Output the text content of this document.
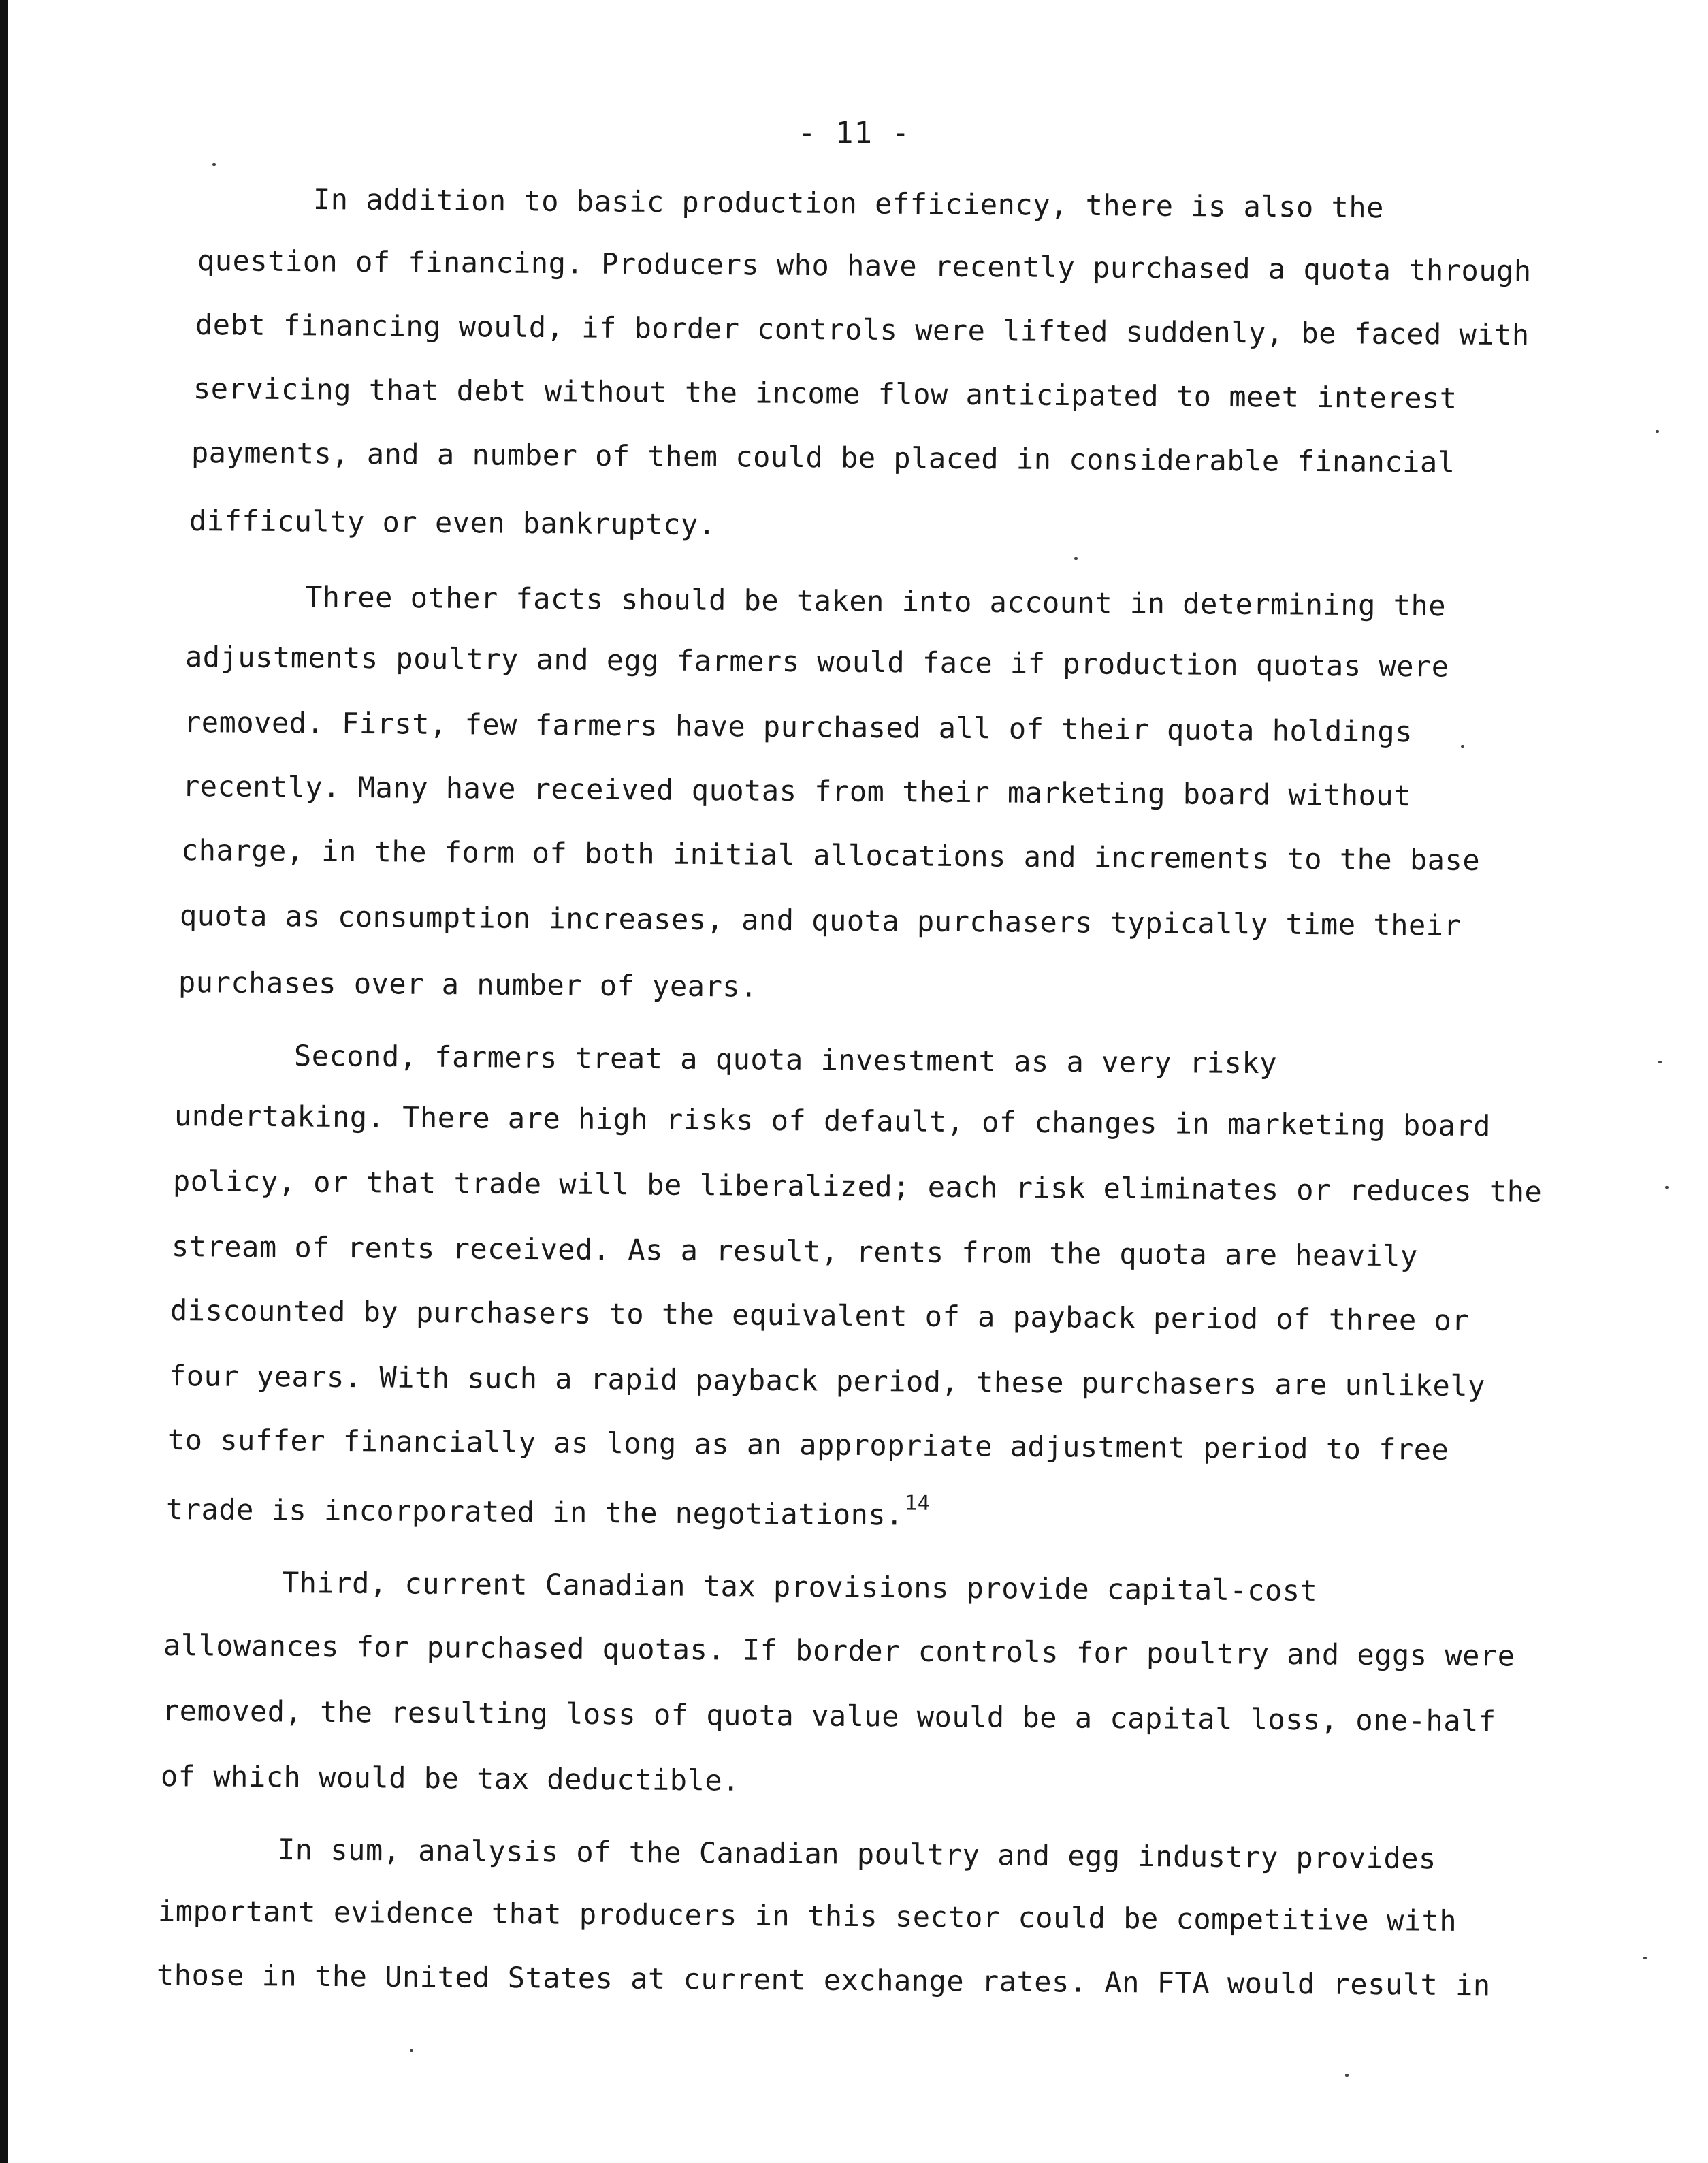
- 11 -
In addition to basic production efficiency, there is also the
question of financing. Producers who have recently purchased a quota through
debt financing would, if border controls were lifted suddenly, be faced with
servicing that debt without the income flow anticipated to meet interest
payments, and a number of them could be placed in considerable financial
difficulty or even bankruptcy.
Three other facts should be taken into account in determining the
adjustments poultry and egg farmers would face if production quotas were
removed. First, few farmers have purchased all of their quota holdings
recently. Many have received quotas from their marketing board without
charge, in the form of both initial allocations and increments to the base
quota as consumption increases, and quota purchasers typically time their
purchases over a number of years.
Second, farmers treat a quota investment as a very risky
undertaking. There are high risks of default, of changes in marketing board
policy, or that trade will be liberalized; each risk eliminates or reduces the
stream of rents received. As a result, rents from the quota are heavily
discounted by purchasers to the equivalent of a payback period of three or
four years. With such a rapid payback period, these purchasers are unlikely
to suffer financially as long as an appropriate adjustment period to free
trade is incorporated in the negotiations.$^{14}$
Third, current Canadian tax provisions provide capital-cost
allowances for purchased quotas. If border controls for poultry and eggs were
removed, the resulting loss of quota value would be a capital loss, one-half
of which would be tax deductible.
In sum, analysis of the Canadian poultry and egg industry provides
important evidence that producers in this sector could be competitive with
those in the United States at current exchange rates. An FTA would result in
